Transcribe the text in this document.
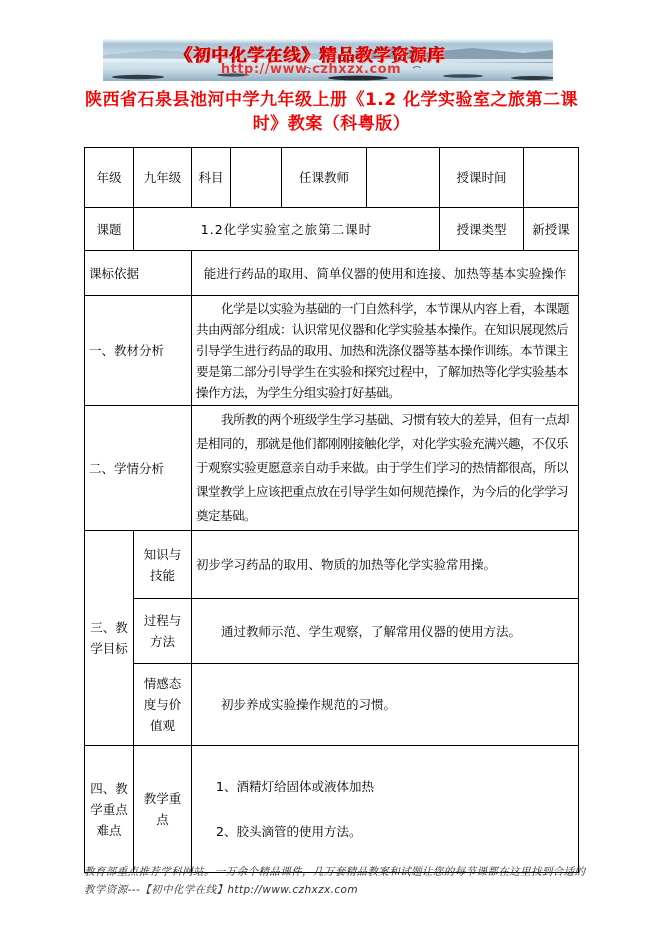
《初中化学在线》精品教学资源库
http://www.czhxzx.com
陕西省石泉县池河中学九年级上册《1.2 化学实验室之旅第二课时》教案（科粤版）
年级	九年级	科目		任课教师		授课时间	
课题	1.2化学实验室之旅第二课时					授课类型	新授课
课标依据		能进行药品的取用、简单仪器的使用和连接、加热等基本实验操作					
一、教材分析		化学是以实验为基础的一门自然科学，本节课从内容上看，本课题共由两部分组成：认识常见仪器和化学实验基本操作。在知识展现然后引导学生进行药品的取用、加热和洗涤仪器等基本操作训练。本节课主要是第二部分引导学生在实验和探究过程中，了解加热等化学实验基本操作方法，为学生分组实验打好基础。					
二、学情分析		我所教的两个班级学生学习基础、习惯有较大的差异，但有一点却是相同的，那就是他们都刚刚接触化学，对化学实验充满兴趣，不仅乐于观察实验更愿意亲自动手来做。由于学生们学习的热情都很高，所以课堂教学上应该把重点放在引导学生如何规范操作，为今后的化学学习奠定基础。					
三、教学目标	知识与技能	初步学习药品的取用、物质的加热等化学实验常用操。					
	过程与方法	通过教师示范、学生观察，了解常用仪器的使用方法。					
	情感态度与价值观	初步养成实验操作规范的习惯。					
四、教学重点难点	教学重点	1、酒精灯给固体或液体加热
2、胶头滴管的使用方法。					
教育部重点推荐学科网站。一万余个精品课件，几万套精品教案和试题让您的每节课都在这里找到合适的教学资源---【初中化学在线】http://www.czhxzx.com
